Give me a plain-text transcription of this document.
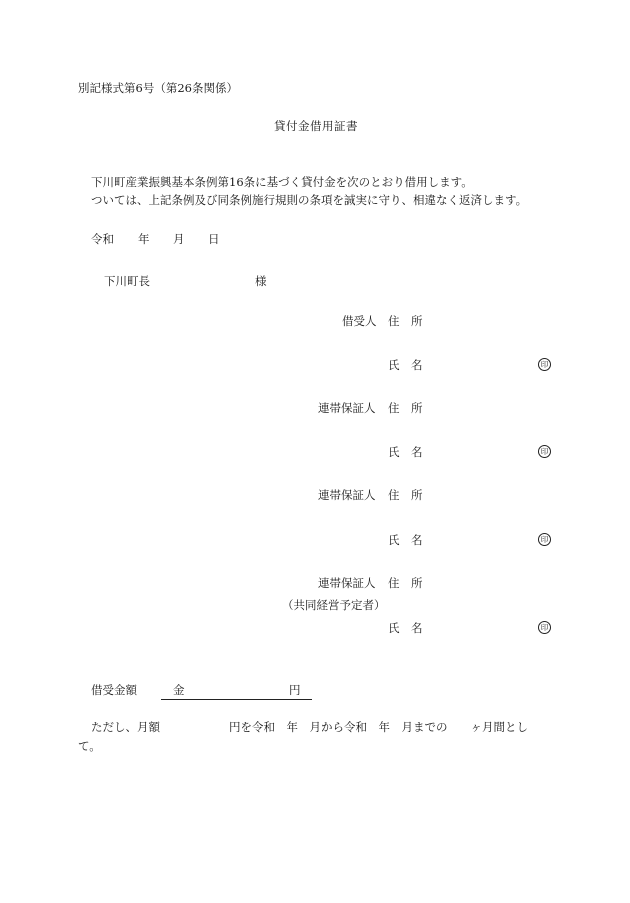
別記様式第6号（第26条関係）
貸付金借用証書
下川町産業振興基本条例第16条に基づく貸付金を次のとおり借用します。
ついては、上記条例及び同条例施行規則の条項を誠実に守り、相違なく返済します。
令和 年 月 日
下川町長	様
借受人 住　所
氏　名	印
連帯保証人 住　所
氏　名	印
連帯保証人 住　所
氏　名	印
連帯保証人 住　所
（共同経営予定者）
氏　名	印
借受金額	金	円
ただし、月額　　　　　　円を令和　年　月から令和　年　月までの　　ヶ月間とし
て。
